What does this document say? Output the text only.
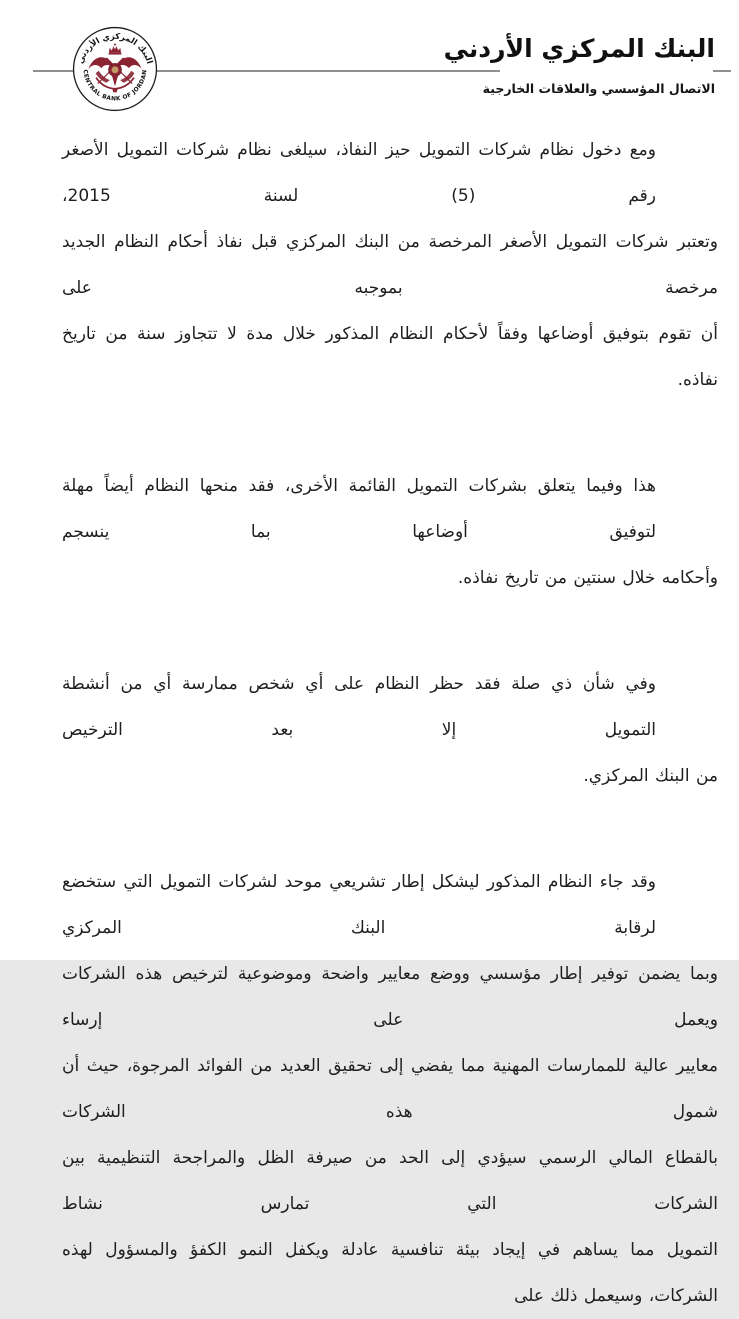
البنك المركزي الأردني
CENTRAL BANK OF JORDAN
البنك المركزي الأردني
الاتصال المؤسسي والعلاقات الخارجية
ومع دخول نظام شركات التمويل حيز النفاذ، سيلغى نظام شركات التمويل الأصغر رقم (5) لسنة 2015،
وتعتبر شركات التمويل الأصغر المرخصة من البنك المركزي قبل نفاذ أحكام النظام الجديد مرخصة بموجبه على
أن تقوم بتوفيق أوضاعها وفقاً لأحكام النظام المذكور خلال مدة لا تتجاوز سنة من تاريخ نفاذه.
هذا وفيما يتعلق بشركات التمويل القائمة الأخرى، فقد منحها النظام أيضاً مهلة لتوفيق أوضاعها بما ينسجم
وأحكامه خلال سنتين من تاريخ نفاذه.
وفي شأن ذي صلة فقد حظر النظام على أي شخص ممارسة أي من أنشطة التمويل إلا بعد الترخيص
من البنك المركزي.
وقد جاء النظام المذكور ليشكل إطار تشريعي موحد لشركات التمويل التي ستخضع لرقابة البنك المركزي
وبما يضمن توفير إطار مؤسسي ووضع معايير واضحة وموضوعية لترخيص هذه الشركات ويعمل على إرساء
معايير عالية للممارسات المهنية مما يفضي إلى تحقيق العديد من الفوائد المرجوة، حيث أن شمول هذه الشركات
بالقطاع المالي الرسمي سيؤدي إلى الحد من صيرفة الظل والمراجحة التنظيمية بين الشركات التي تمارس نشاط
التمويل مما يساهم في إيجاد بيئة تنافسية عادلة ويكفل النمو الكفؤ والمسؤول لهذه الشركات، وسيعمل ذلك على
